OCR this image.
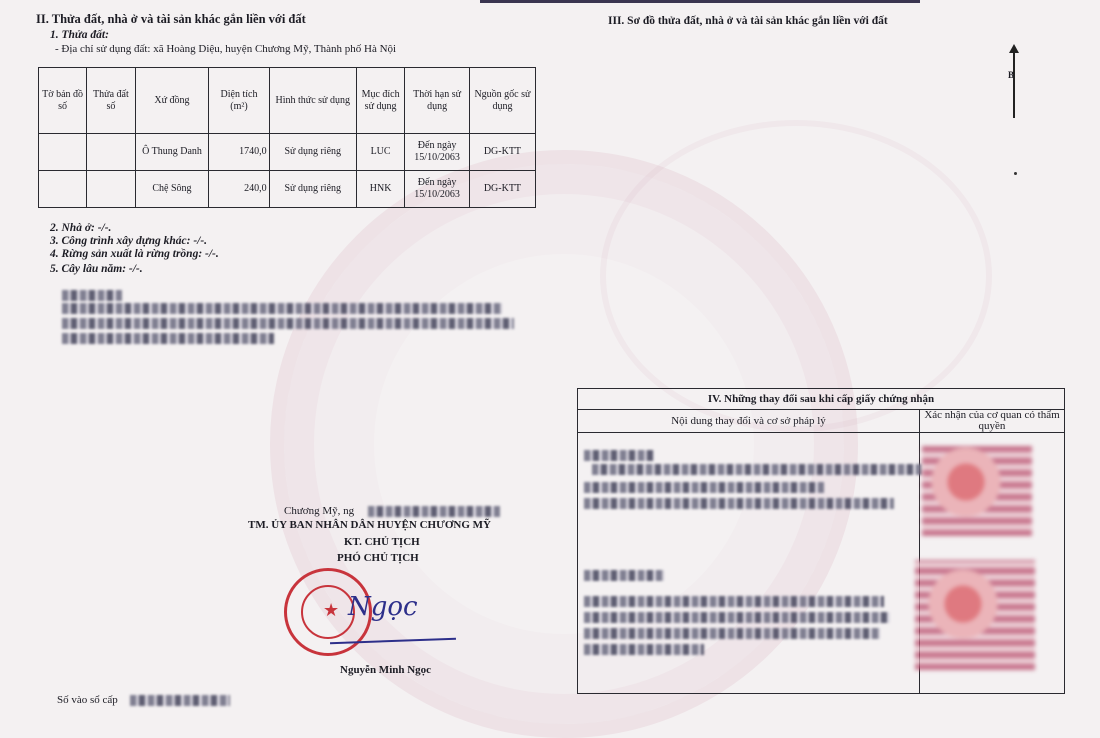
II. Thửa đất, nhà ở và tài sản khác gắn liền với đất
1. Thửa đất:
- Địa chỉ sử dụng đất: xã Hoàng Diệu, huyện Chương Mỹ, Thành phố Hà Nội
Tờ bản đồ số	Thửa đất số	Xứ đồng	Diện tích (m²)	Hình thức sử dụng	Mục đích sử dụng	Thời hạn sử dụng	Nguồn gốc sử dụng
		Ô Thung Danh	1740,0	Sử dụng riêng	LUC	Đến ngày 15/10/2063	DG-KTT
		Chệ Sông	240,0	Sử dụng riêng	HNK	Đến ngày 15/10/2063	DG-KTT
2. Nhà ở: -/-.
3. Công trình xây dựng khác: -/-.
4. Rừng sản xuất là rừng trồng: -/-.
5. Cây lâu năm: -/-.
III. Sơ đồ thửa đất, nhà ở và tài sản khác gắn liền với đất
B
IV. Những thay đổi sau khi cấp giấy chứng nhận
Nội dung thay đổi và cơ sở pháp lý	Xác nhận của cơ quan có thẩm quyền
Chương Mỹ, ng
TM. ỦY BAN NHÂN DÂN HUYỆN CHƯƠNG MỸ
KT. CHỦ TỊCH
PHÓ CHỦ TỊCH
★ Ngọc
Nguyễn Minh Ngọc
Số vào sổ cấp
